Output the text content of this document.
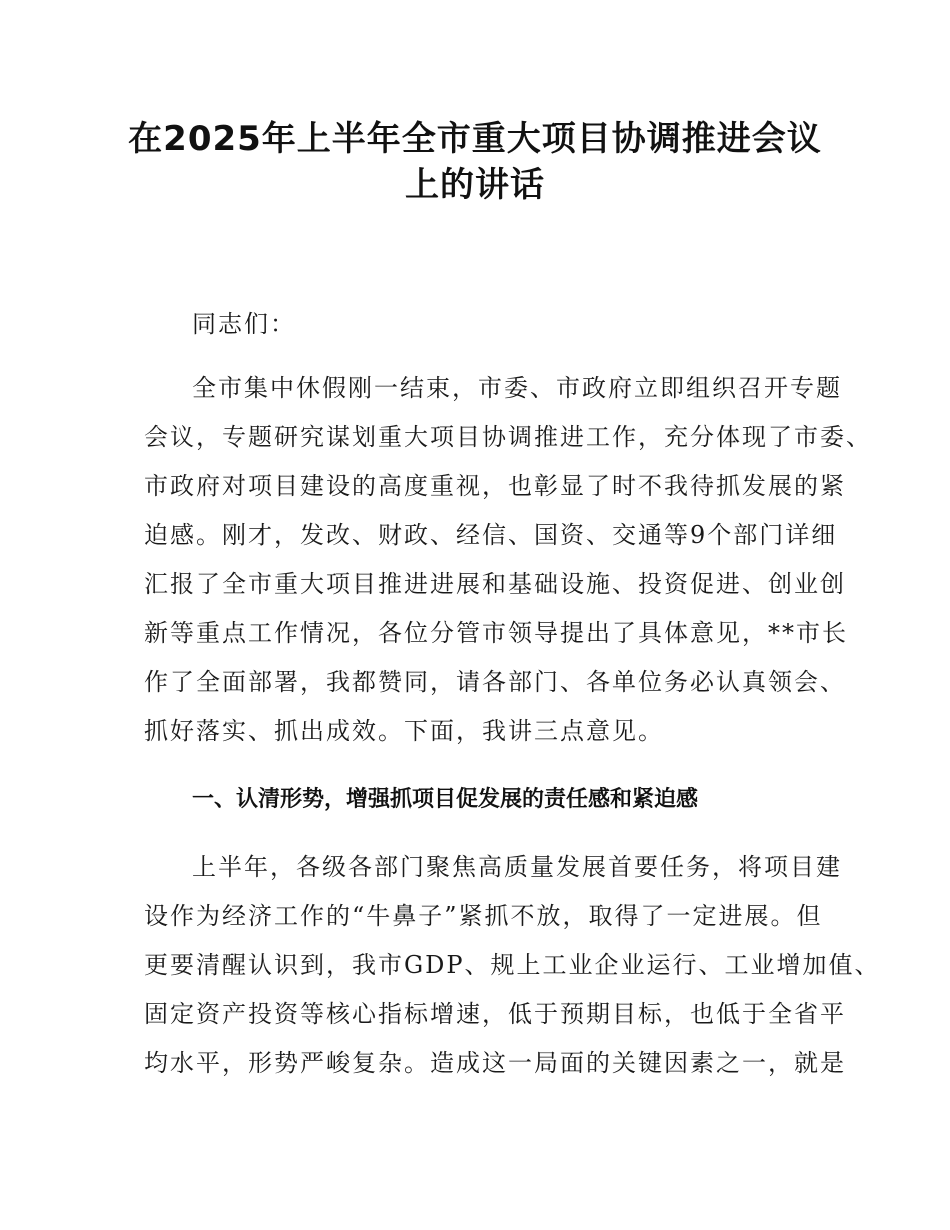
在2025年上半年全市重大项目协调推进会议
上的讲话
同志们：
全市集中休假刚一结束，市委、市政府立即组织召开专题
会议，专题研究谋划重大项目协调推进工作，充分体现了市委、
市政府对项目建设的高度重视，也彰显了时不我待抓发展的紧
迫感。刚才，发改、财政、经信、国资、交通等9个部门详细
汇报了全市重大项目推进进展和基础设施、投资促进、创业创
新等重点工作情况，各位分管市领导提出了具体意见，**市长
作了全面部署，我都赞同，请各部门、各单位务必认真领会、
抓好落实、抓出成效。下面，我讲三点意见。
一、认清形势，增强抓项目促发展的责任感和紧迫感
上半年，各级各部门聚焦高质量发展首要任务，将项目建
设作为经济工作的“牛鼻子”紧抓不放，取得了一定进展。但
更要清醒认识到，我市GDP、规上工业企业运行、工业增加值、
固定资产投资等核心指标增速，低于预期目标，也低于全省平
均水平，形势严峻复杂。造成这一局面的关键因素之一，就是
